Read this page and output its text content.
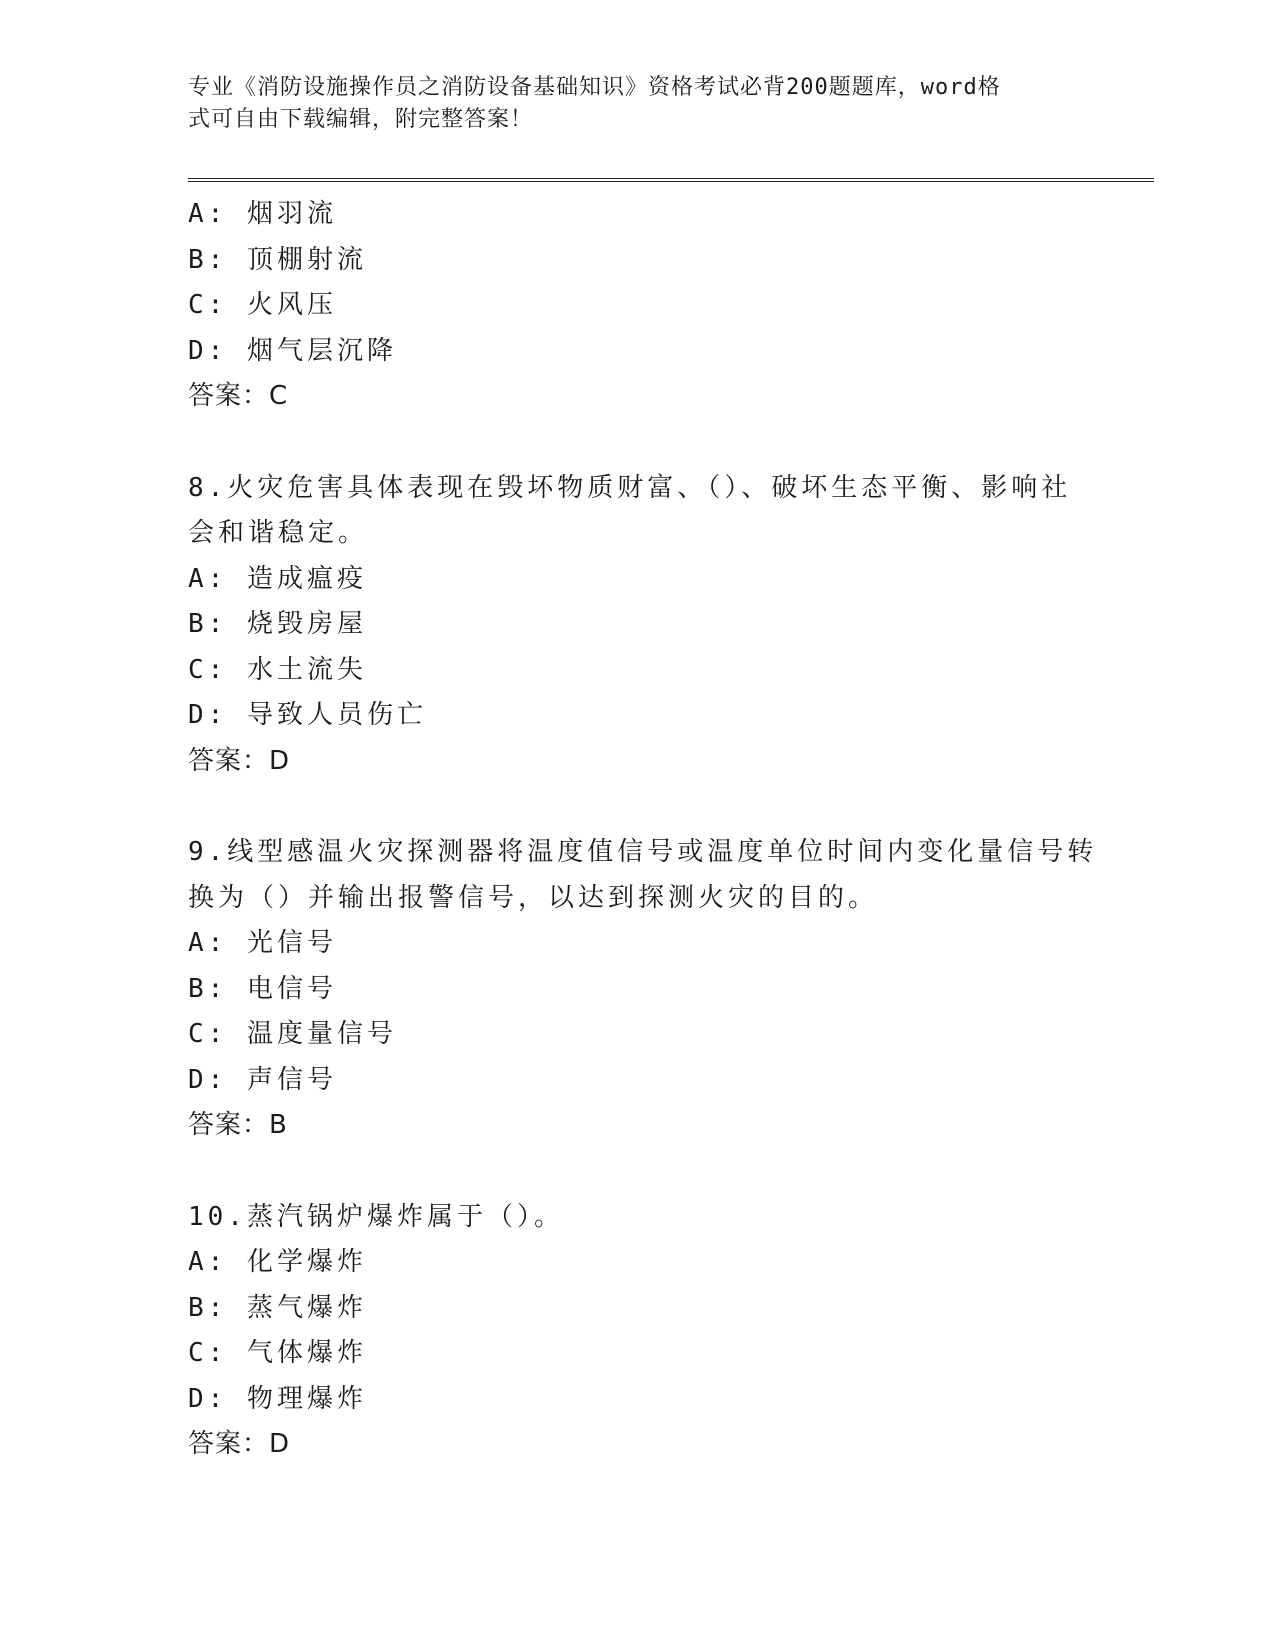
专业《消防设施操作员之消防设备基础知识》资格考试必背200题题库，word格

式可自由下载编辑，附完整答案！

A: 烟羽流
B: 顶棚射流
C: 火风压
D: 烟气层沉降
答案：C
8.火灾危害具体表现在毁坏物质财富、（）、破坏生态平衡、影响社
会和谐稳定。
A: 造成瘟疫
B: 烧毁房屋
C: 水土流失
D: 导致人员伤亡
答案：D
9.线型感温火灾探测器将温度值信号或温度单位时间内变化量信号转
换为（）并输出报警信号，以达到探测火灾的目的。
A: 光信号
B: 电信号
C: 温度量信号
D: 声信号
答案：B
10.蒸汽锅炉爆炸属于（）。
A: 化学爆炸
B: 蒸气爆炸
C: 气体爆炸
D: 物理爆炸
答案：D
